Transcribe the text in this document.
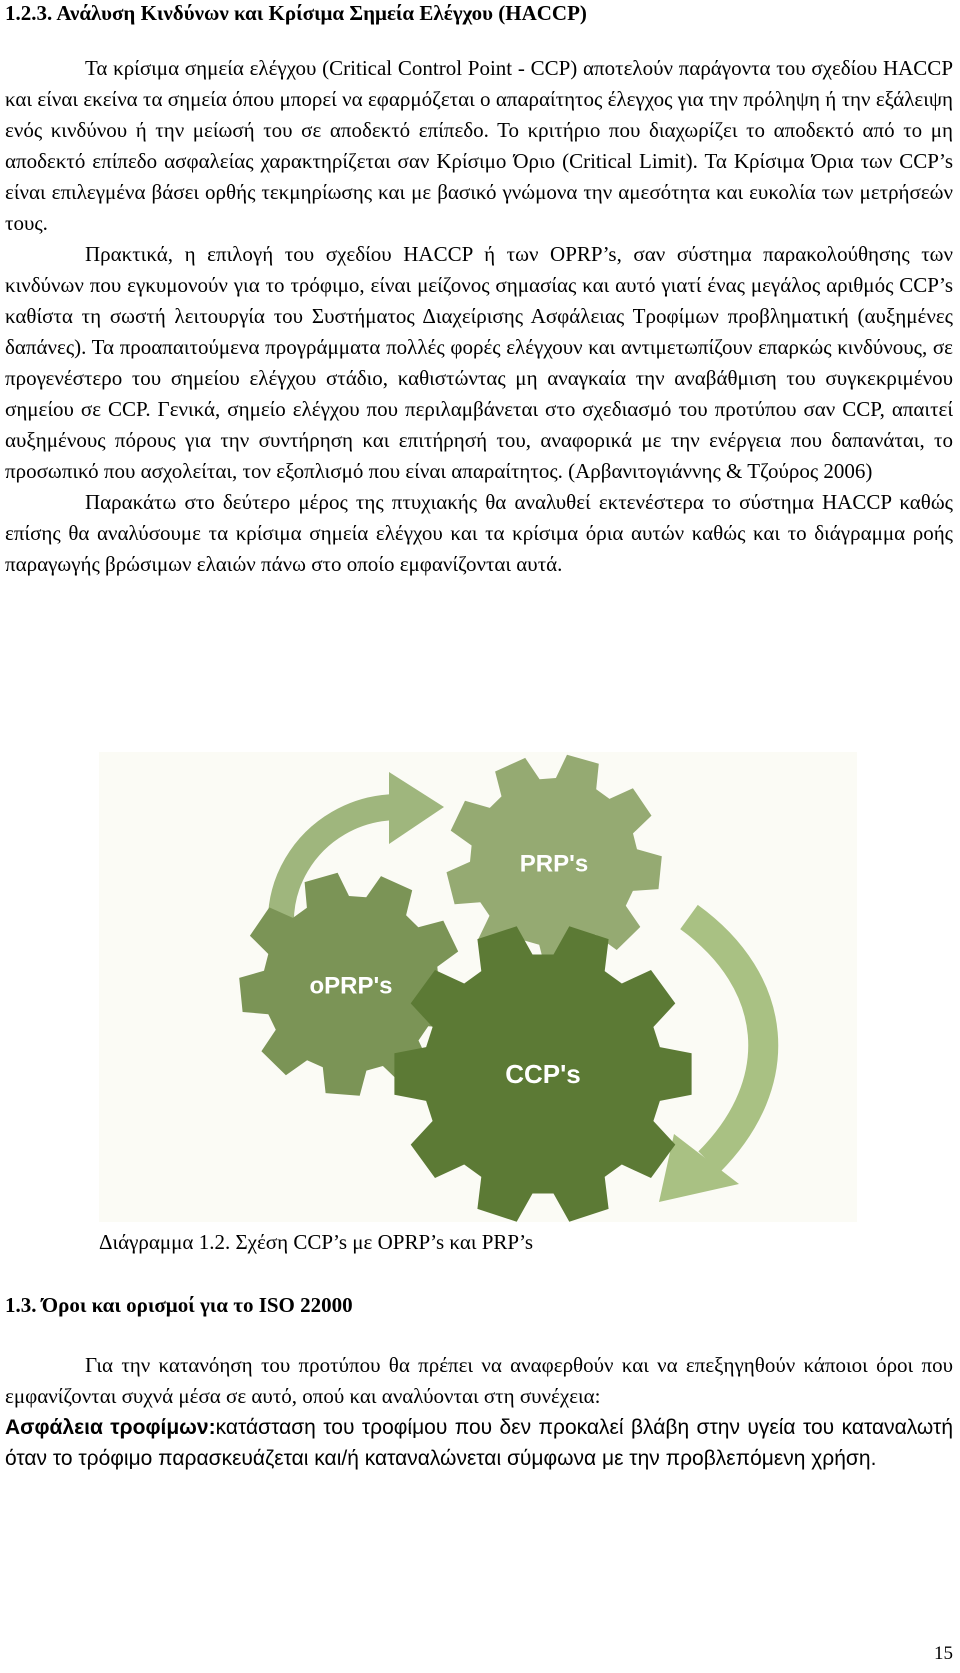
1.2.3. Ανάλυση Κινδύνων και Κρίσιμα Σημεία Ελέγχου (HACCP)

Τα κρίσιμα σημεία ελέγχου (Critical Control Point - CCP) αποτελούν παράγοντα του σχεδίου HACCP και είναι εκείνα τα σημεία όπου μπορεί να εφαρμόζεται ο απαραίτητος έλεγχος για την πρόληψη ή την εξάλειψη ενός κινδύνου ή την μείωσή του σε αποδεκτό επίπεδο. Το κριτήριο που διαχωρίζει το αποδεκτό από το μη αποδεκτό επίπεδο ασφαλείας χαρακτηρίζεται σαν Κρίσιμο Όριο (Critical Limit). Τα Κρίσιμα Όρια των CCP’s είναι επιλεγμένα βάσει ορθής τεκμηρίωσης και με βασικό γνώμονα την αμεσότητα και ευκολία των μετρήσεών τους.

Πρακτικά, η επιλογή του σχεδίου HACCP ή των OPRP’s, σαν σύστημα παρακολούθησης των κινδύνων που εγκυμονούν για το τρόφιμο, είναι μείζονος σημασίας και αυτό γιατί ένας μεγάλος αριθμός CCP’s καθίστα τη σωστή λειτουργία του Συστήματος Διαχείρισης Ασφάλειας Τροφίμων προβληματική (αυξημένες δαπάνες). Τα προαπαιτούμενα προγράμματα πολλές φορές ελέγχουν και αντιμετωπίζουν επαρκώς κινδύνους, σε προγενέστερο του σημείου ελέγχου στάδιο, καθιστώντας μη αναγκαία την αναβάθμιση του συγκεκριμένου σημείου σε CCP. Γενικά, σημείο ελέγχου που περιλαμβάνεται στο σχεδιασμό του προτύπου σαν CCP, απαιτεί αυξημένους πόρους για την συντήρηση και επιτήρησή του, αναφορικά με την ενέργεια που δαπανάται, το προσωπικό που ασχολείται, τον εξοπλισμό που είναι απαραίτητος. (Αρβανιτογιάννης & Τζούρος 2006)

Παρακάτω στο δεύτερο μέρος της πτυχιακής θα αναλυθεί εκτενέστερα το σύστημα HACCP καθώς επίσης θα αναλύσουμε τα κρίσιμα σημεία ελέγχου και τα κρίσιμα όρια αυτών καθώς και το διάγραμμα ροής παραγωγής βρώσιμων ελαιών πάνω στο οποίο εμφανίζονται αυτά.

PRP's
oPRP's
CCP's
Διάγραμμα 1.2. Σχέση CCP’s με OPRP’s και PRP’s
1.3. Όροι και ορισμοί για το ISO 22000

Για την κατανόηση του προτύπου θα πρέπει να αναφερθούν και να επεξηγηθούν κάποιοι όροι που εμφανίζονται συχνά μέσα σε αυτό, οπού και αναλύονται στη συνέχεια:

Ασφάλεια τροφίμων:κατάσταση του τροφίμου που δεν προκαλεί βλάβη στην υγεία του καταναλωτή όταν το τρόφιμο παρασκευάζεται και/ή καταναλώνεται σύμφωνα με την προβλεπόμενη χρήση.

15
